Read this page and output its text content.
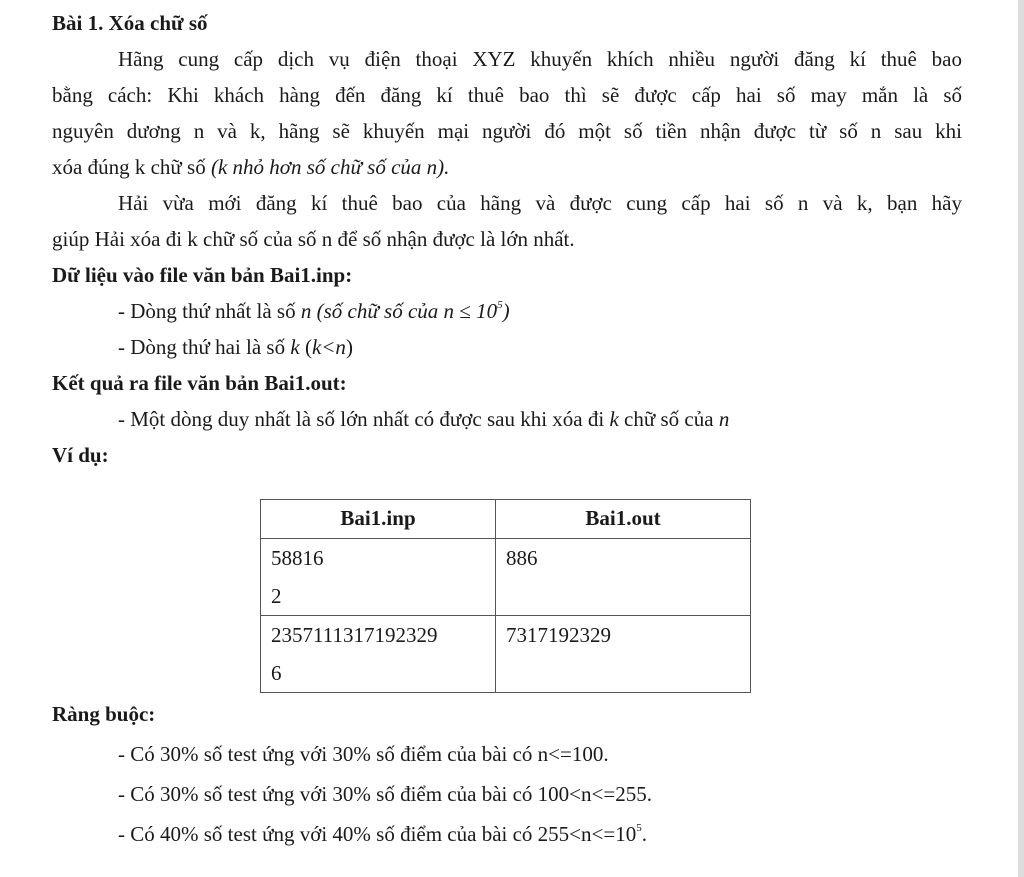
Bài 1. Xóa chữ số

Hãng cung cấp dịch vụ điện thoại XYZ khuyến khích nhiều người đăng kí thuê bao
bằng cách: Khi khách hàng đến đăng kí thuê bao thì sẽ được cấp hai số may mắn là số
nguyên dương n và k, hãng sẽ khuyến mại người đó một số tiền nhận được từ số n sau khi
xóa đúng k chữ số (k nhỏ hơn số chữ số của n).

Hải vừa mới đăng kí thuê bao của hãng và được cung cấp hai số n và k, bạn hãy
giúp Hải xóa đi k chữ số của số n để số nhận được là lớn nhất.

Dữ liệu vào file văn bản Bai1.inp:

- Dòng thứ nhất là số n (số chữ số của $n \le 10^5$)

- Dòng thứ hai là số k (k<n)

Kết quả ra file văn bản Bai1.out:

- Một dòng duy nhất là số lớn nhất có được sau khi xóa đi k chữ số của n

Ví dụ:

Bai1.inp	Bai1.out

58816
2	886

2357111317192329
6	7317192329

Ràng buộc:

- Có 30% số test ứng với 30% số điểm của bài có n<=100.

- Có 30% số test ứng với 30% số điểm của bài có 100<n<=255.

- Có 40% số test ứng với 40% số điểm của bài có $255<n<=10^5$.
